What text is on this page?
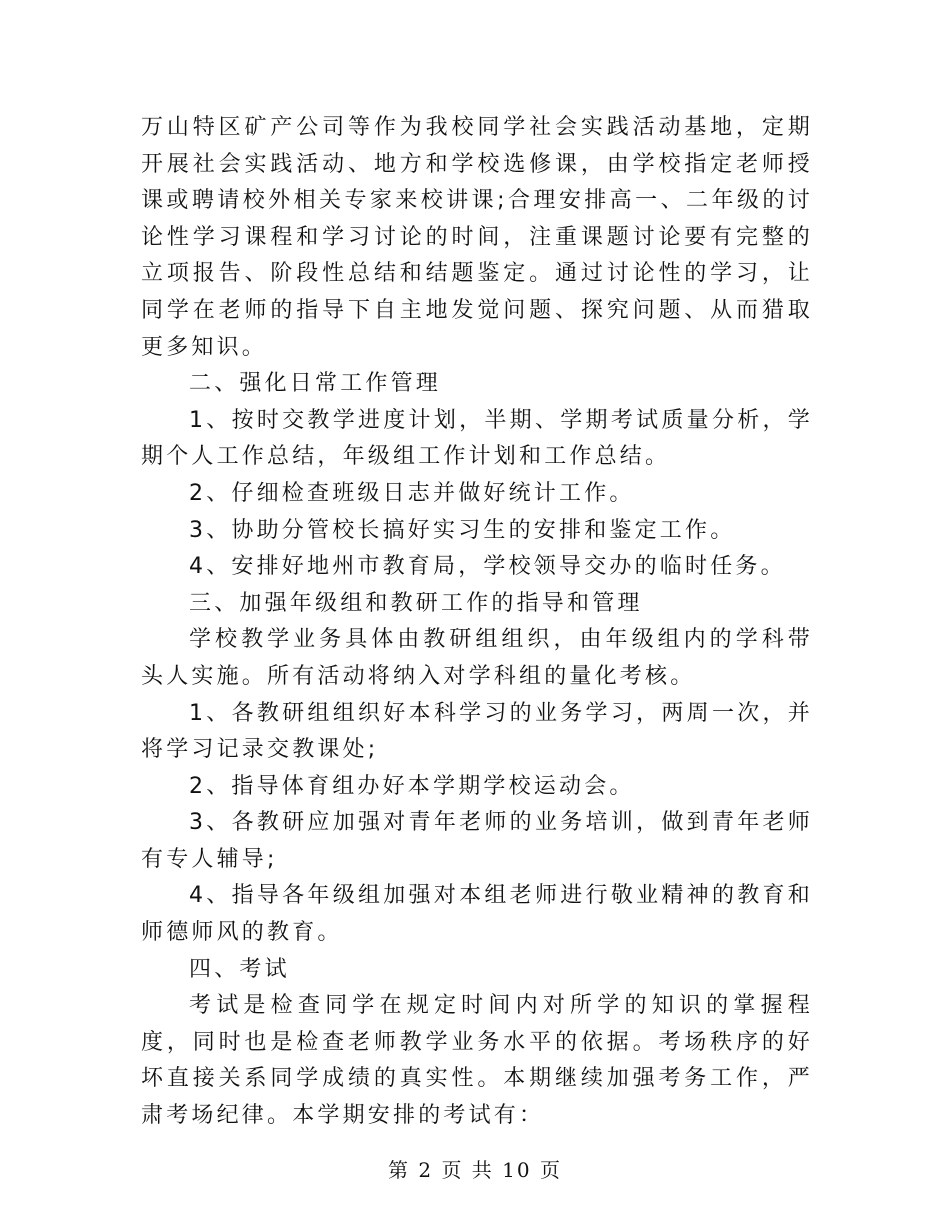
万山特区矿产公司等作为我校同学社会实践活动基地，定期开展社会实践活动、地方和学校选修课，由学校指定老师授课或聘请校外相关专家来校讲课;合理安排高一、二年级的讨论性学习课程和学习讨论的时间，注重课题讨论要有完整的立项报告、阶段性总结和结题鉴定。通过讨论性的学习，让同学在老师的指导下自主地发觉问题、探究问题、从而猎取更多知识。

二、强化日常工作管理

1、按时交教学进度计划，半期、学期考试质量分析，学期个人工作总结，年级组工作计划和工作总结。

2、仔细检查班级日志并做好统计工作。

3、协助分管校长搞好实习生的安排和鉴定工作。

4、安排好地州市教育局，学校领导交办的临时任务。

三、加强年级组和教研工作的指导和管理

学校教学业务具体由教研组组织，由年级组内的学科带头人实施。所有活动将纳入对学科组的量化考核。

1、各教研组组织好本科学习的业务学习，两周一次，并将学习记录交教课处;

2、指导体育组办好本学期学校运动会。

3、各教研应加强对青年老师的业务培训，做到青年老师有专人辅导;

4、指导各年级组加强对本组老师进行敬业精神的教育和师德师风的教育。

四、考试

考试是检查同学在规定时间内对所学的知识的掌握程度，同时也是检查老师教学业务水平的依据。考场秩序的好坏直接关系同学成绩的真实性。本期继续加强考务工作，严肃考场纪律。本学期安排的考试有：

第 2 页 共 10 页
